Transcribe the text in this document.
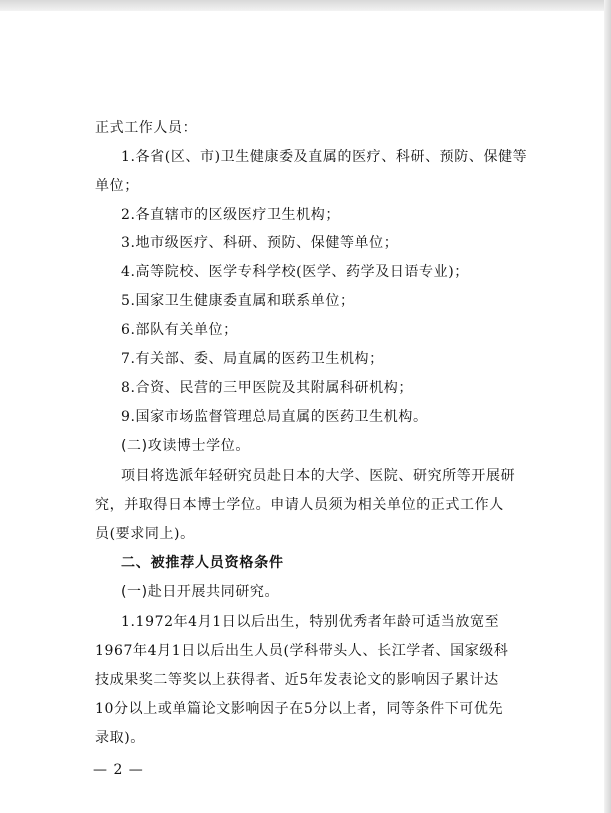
正式工作人员：
1.各省(区、市)卫生健康委及直属的医疗、科研、预防、保健等
单位；
2.各直辖市的区级医疗卫生机构；
3.地市级医疗、科研、预防、保健等单位；
4.高等院校、医学专科学校(医学、药学及日语专业)；
5.国家卫生健康委直属和联系单位；
6.部队有关单位；
7.有关部、委、局直属的医药卫生机构；
8.合资、民营的三甲医院及其附属科研机构；
9.国家市场监督管理总局直属的医药卫生机构。
(二)攻读博士学位。
项目将选派年轻研究员赴日本的大学、医院、研究所等开展研
究，并取得日本博士学位。申请人员须为相关单位的正式工作人
员(要求同上)。
二、被推荐人员资格条件
(一)赴日开展共同研究。
1.1972年4月1日以后出生，特别优秀者年龄可适当放宽至
1967年4月1日以后出生人员(学科带头人、长江学者、国家级科
技成果奖二等奖以上获得者、近5年发表论文的影响因子累计达
10分以上或单篇论文影响因子在5分以上者，同等条件下可优先
录取)。
— 2 —
